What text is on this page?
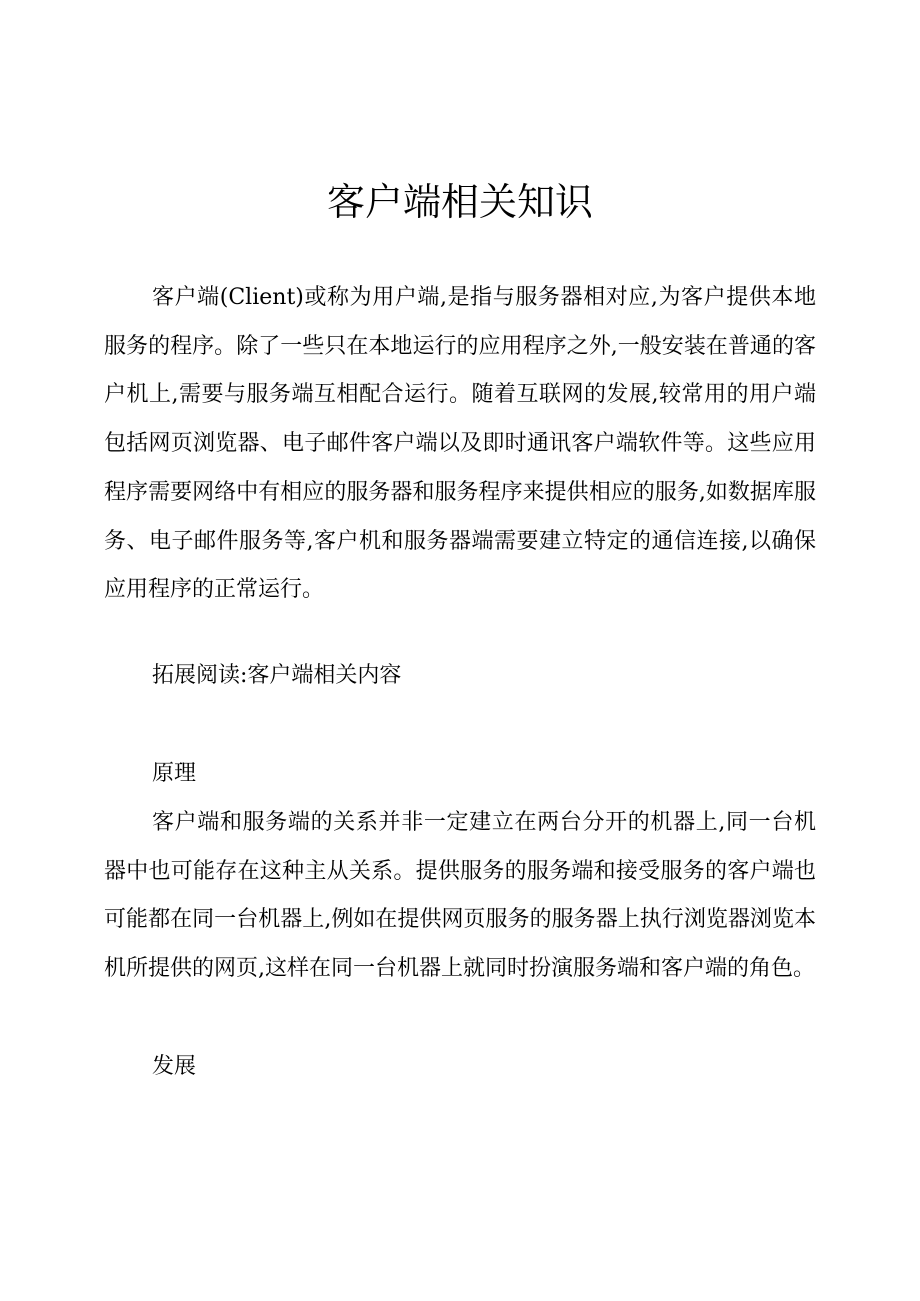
客户端相关知识

客户端(Client)或称为用户端,是指与服务器相对应,为客户提供本地服务的程序。除了一些只在本地运行的应用程序之外,一般安装在普通的客户机上,需要与服务端互相配合运行。随着互联网的发展,较常用的用户端包括网页浏览器、电子邮件客户端以及即时通讯客户端软件等。这些应用程序需要网络中有相应的服务器和服务程序来提供相应的服务,如数据库服务、电子邮件服务等,客户机和服务器端需要建立特定的通信连接,以确保应用程序的正常运行。

拓展阅读:客户端相关内容

原理

客户端和服务端的关系并非一定建立在两台分开的机器上,同一台机器中也可能存在这种主从关系。提供服务的服务端和接受服务的客户端也可能都在同一台机器上,例如在提供网页服务的服务器上执行浏览器浏览本机所提供的网页,这样在同一台机器上就同时扮演服务端和客户端的角色。

发展
